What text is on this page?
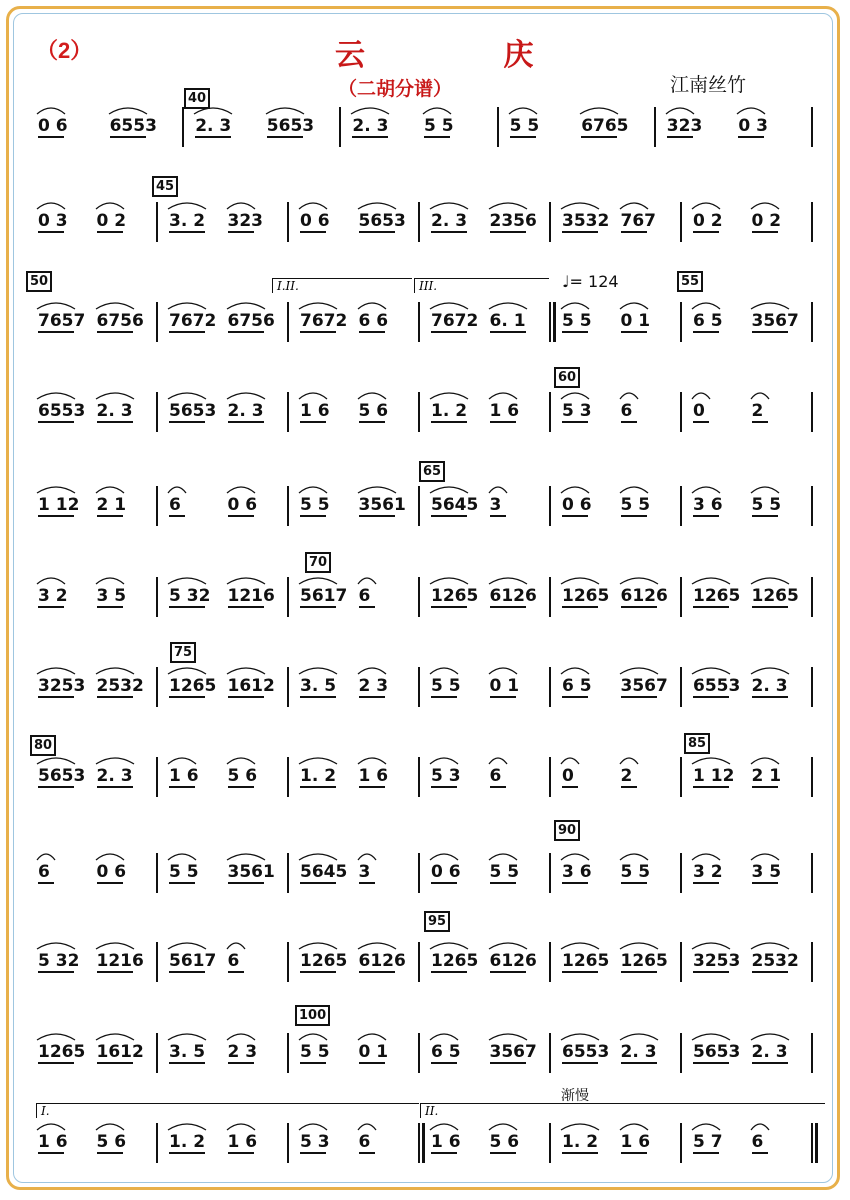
（2）	云 庆
（二胡分谱）	江南丝竹
♩= 124
渐慢
40
45
50	55
60
65
70
75
80	85
90
95
100
I.II.	III.
I.	II.
0 6 6553 2. 3 5653 2. 3 5 5	5 5 6765 323 0 3
0 3 0 2	3. 2 323 0 6 5653 2. 3 2356 3532 767 0 2 0 2
7657 6756 7672 6756 7672 6 6	7672 6. 1 5 5 0 1	6 5 3567
6553 2. 3 5653 2. 3 1 6 5 6	1. 2 1 6	5 3 6	0	2
1 12 2 1	6	0 6	5 5 3561 5645 3	0 6 5 5	3 6 5 5
3 2 3 5	5 32 1216 5617 6	1265 6126 1265 6126 1265 1265
3253 2532 1265 1612 3. 5 2 3	5 5 0 1	6 5 3567 6553 2. 3
5653 2. 3 1 6 5 6	1. 2 1 6	5 3 6	0	2	1 12 2 1
6	0 6	5 5 3561 5645 3	0 6 5 5	3 6 5 5	3 2 3 5
5 32 1216 5617 6	1265 6126 1265 6126 1265 1265 3253 2532
1265 1612 3. 5 2 3	5 5 0 1	6 5 3567 6553 2. 3 5653 2. 3
1 6 5 6	1. 2 1 6	5 3 6	1 6 5 6	1. 2 1 6	5 7 6
